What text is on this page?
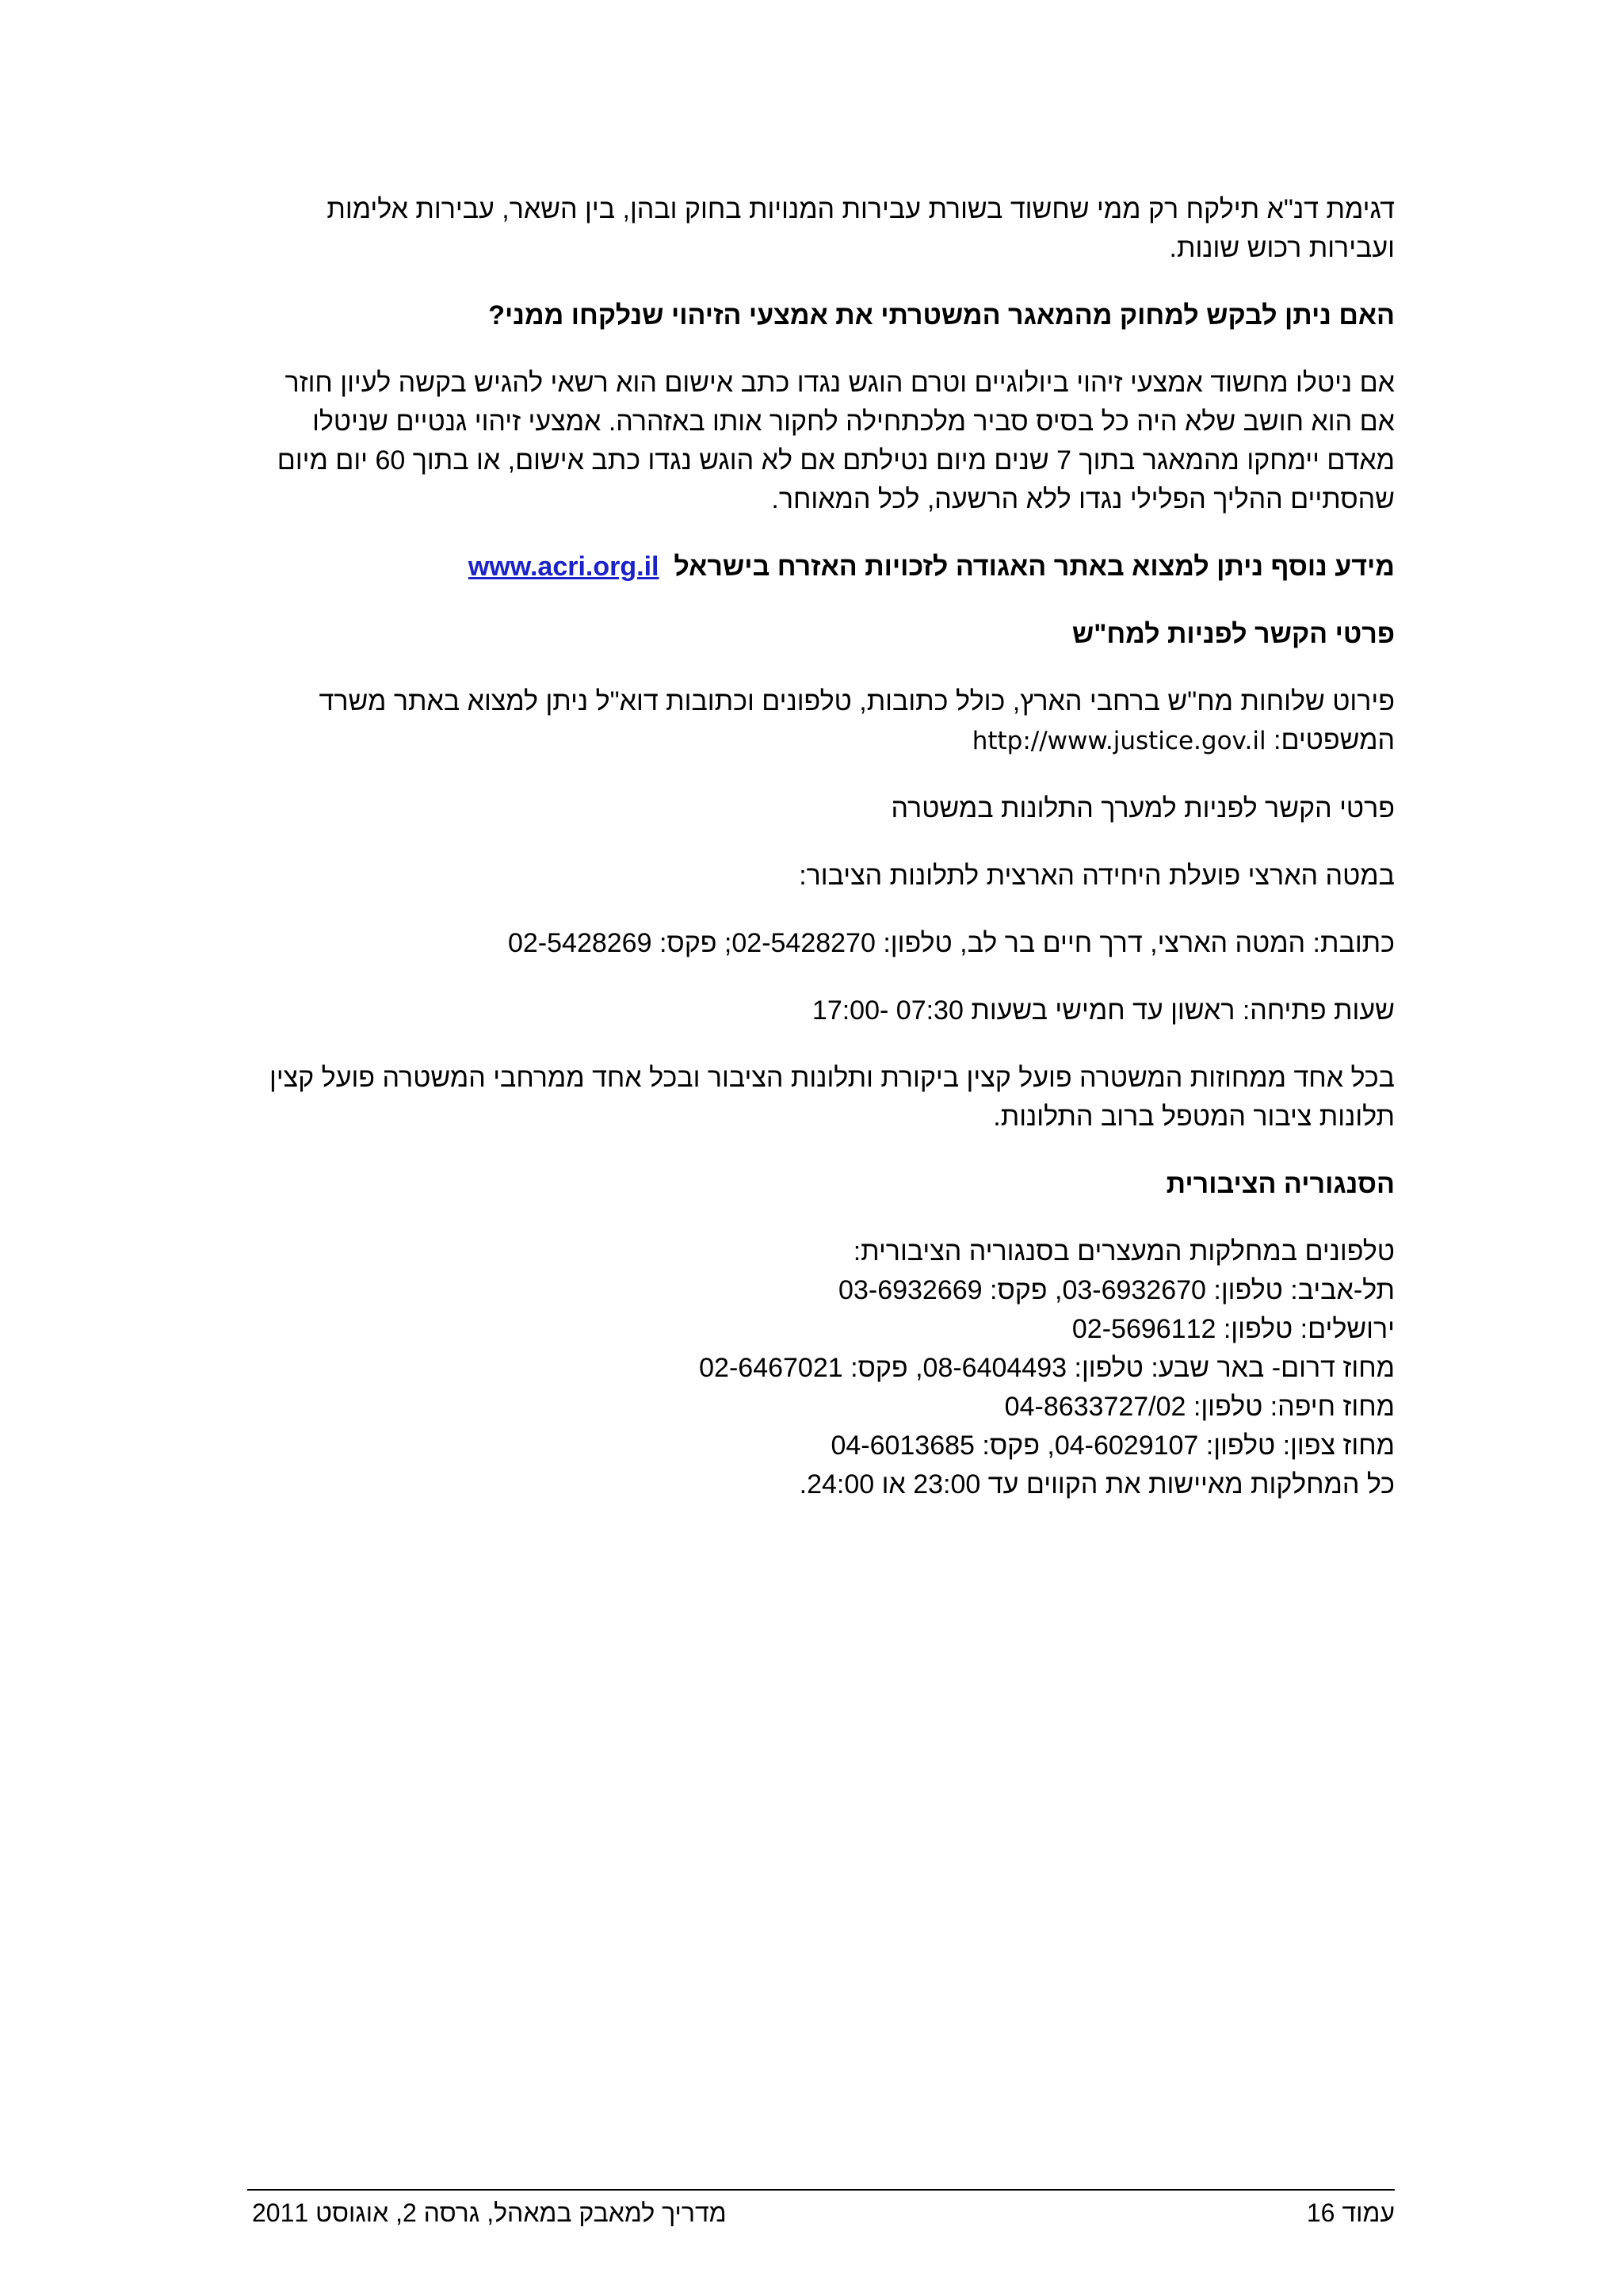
דגימת דנ"א תילקח רק ממי שחשוד בשורת עבירות המנויות בחוק ובהן, בין השאר, עבירות אלימות ועבירות רכוש שונות.

האם ניתן לבקש למחוק מהמאגר המשטרתי את אמצעי הזיהוי שנלקחו ממני?

אם ניטלו מחשוד אמצעי זיהוי ביולוגיים וטרם הוגש נגדו כתב אישום הוא רשאי להגיש בקשה לעיון חוזר אם הוא חושב שלא היה כל בסיס סביר מלכתחילה לחקור אותו באזהרה. אמצעי זיהוי גנטיים שניטלו מאדם יימחקו מהמאגר בתוך 7 שנים מיום נטילתם אם לא הוגש נגדו כתב אישום, או בתוך 60 יום מיום שהסתיים ההליך הפלילי נגדו ללא הרשעה, לכל המאוחר.

מידע נוסף ניתן למצוא באתר האגודה לזכויות האזרח בישראל  www.acri.org.il

פרטי הקשר לפניות למח"ש

פירוט שלוחות מח"ש ברחבי הארץ, כולל כתובות, טלפונים וכתובות דוא"ל ניתן למצוא באתר משרד המשפטים: http://www.justice.gov.il

פרטי הקשר לפניות למערך התלונות במשטרה

במטה הארצי פועלת היחידה הארצית לתלונות הציבור:

כתובת: המטה הארצי, דרך חיים בר לב, טלפון: 02-5428270; פקס: 02-5428269

שעות פתיחה: ראשון עד חמישי בשעות 07:30 -17:00

בכל אחד ממחוזות המשטרה פועל קצין ביקורת ותלונות הציבור ובכל אחד ממרחבי המשטרה פועל קצין תלונות ציבור המטפל ברוב התלונות.

הסנגוריה הציבורית

טלפונים במחלקות המעצרים בסנגוריה הציבורית:
תל-אביב: טלפון: 03-6932670, פקס: 03-6932669
ירושלים: טלפון: 02-5696112
מחוז דרום- באר שבע: טלפון: 08-6404493, פקס: 02-6467021
מחוז חיפה: טלפון: 04-8633727/02
מחוז צפון: טלפון: 04-6029107, פקס: 04-6013685
כל המחלקות מאיישות את הקווים עד 23:00 או 24:00.
עמוד 16
מדריך למאבק במאהל, גרסה 2, אוגוסט 2011
